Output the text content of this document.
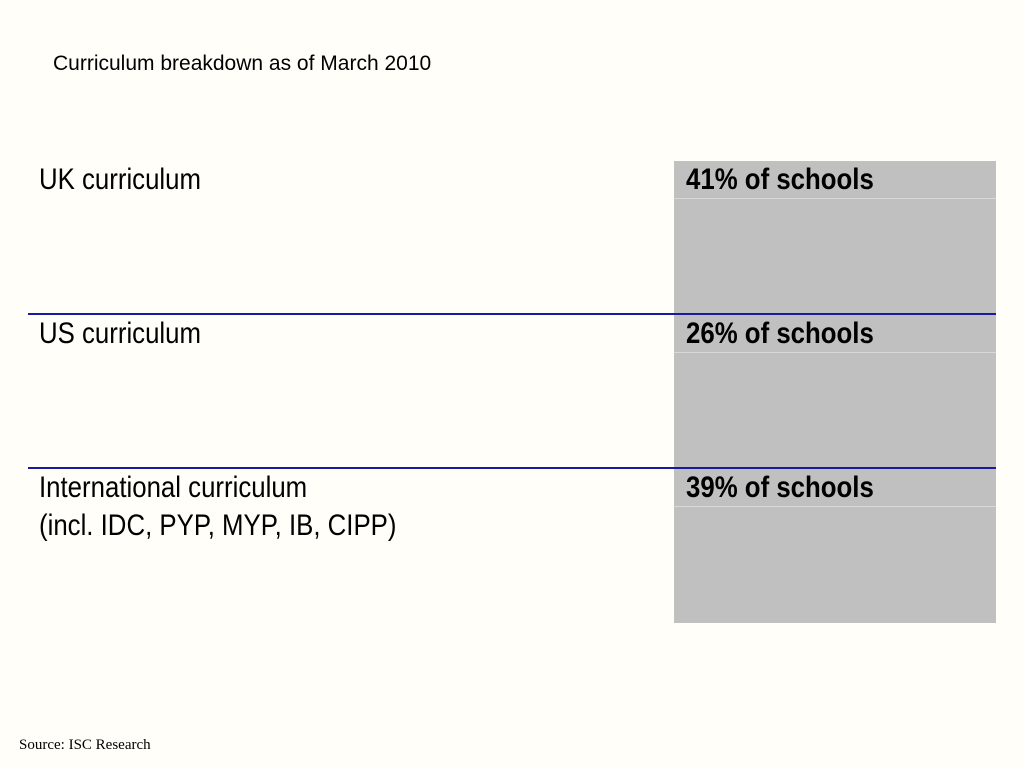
Curriculum breakdown as of March 2010
UK curriculum	41% of schools
US curriculum	26% of schools
International curriculum
(incl. IDC, PYP, MYP, IB, CIPP)
39% of schools
Source: ISC Research
